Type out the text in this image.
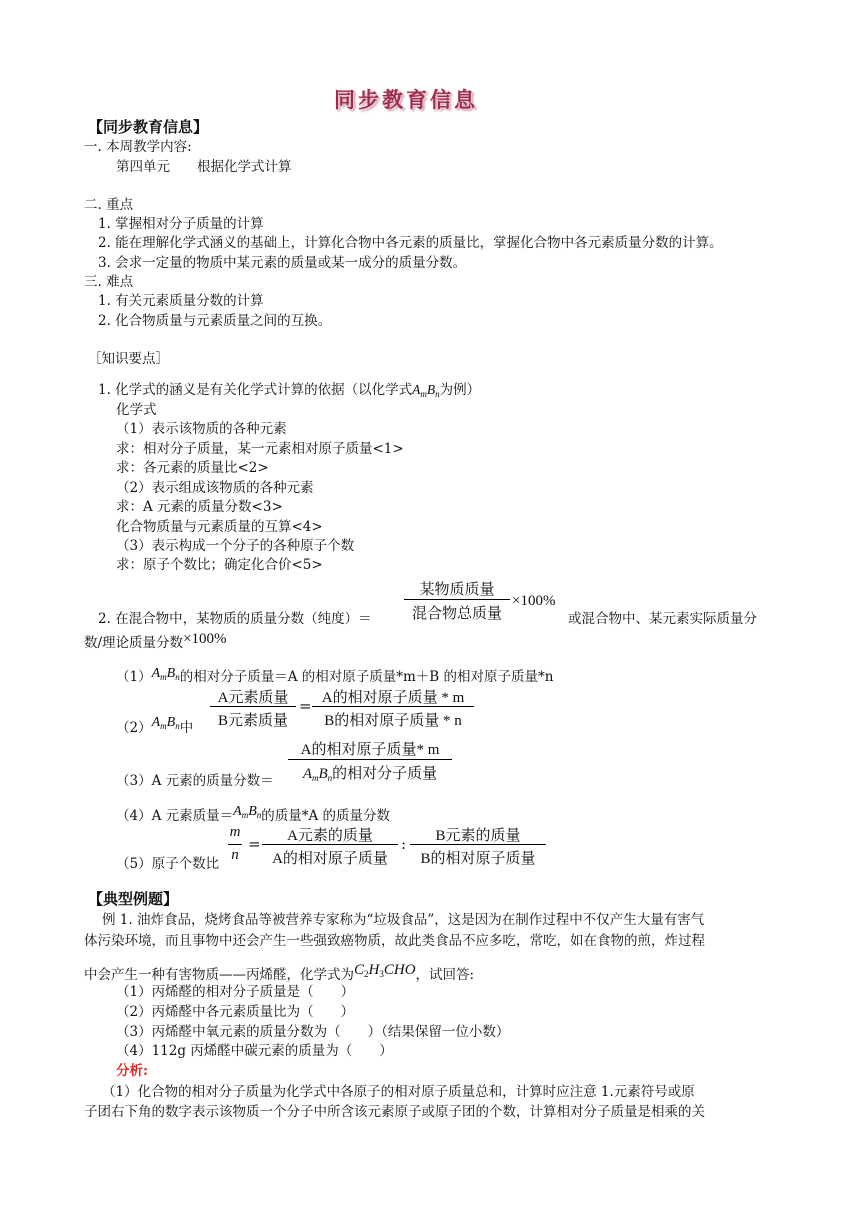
同步教育信息
【同步教育信息】
一. 本周教学内容:
第四单元　　根据化学式计算
二. 重点
1. 掌握相对分子质量的计算
2. 能在理解化学式涵义的基础上，计算化合物中各元素的质量比，掌握化合物中各元素质量分数的计算。
3. 会求一定量的物质中某元素的质量或某一成分的质量分数。
三. 难点
1. 有关元素质量分数的计算
2. 化合物质量与元素质量之间的互换。
［知识要点］
1. 化学式的涵义是有关化学式计算的依据（以化学式$A_mB_n$为例）
化学式
（1）表示该物质的各种元素
求：相对分子质量，某一元素相对原子质量<1>
求：各元素的质量比<2>
（2）表示组成该物质的各种元素
求：A 元素的质量分数<3>
化合物质量与元素质量的互算<4>
（3）表示构成一个分子的各种原子个数
求：原子个数比；确定化合价<5>
2. 在混合物中，某物质的质量分数（纯度）＝
某物质质量
混合物总质量
×100%
或混合物中、某元素实际质量分
数/理论质量分数×100%
$(1)A_mB_n$的相对分子质量＝A 的相对原子质量*m＋B 的相对原子质量*n
$(2)A_mB_n$中
A元素质量
B元素质量
= A的相对原子质量 * m
B的相对原子质量 * n
（3）A 元素的质量分数＝
A的相对原子质量* m
$A_mB_n$的相对分子质量
（4）A 元素质量$=A_mB_n$的质量*A 的质量分数
（5）原子个数比
m
n
=	A元素的质量
A的相对原子质量
:	B元素的质量
B的相对原子质量
【典型例题】
例 1. 油炸食品，烧烤食品等被营养专家称为“垃圾食品”，这是因为在制作过程中不仅产生大量有害气
体污染环境，而且事物中还会产生一些强致癌物质，故此类食品不应多吃，常吃，如在食物的煎，炸过程
中会产生一种有害物质——丙烯醛，化学式为$C_2H_3CHO$，试回答:
（1）丙烯醛的相对分子质量是（　　）
（2）丙烯醛中各元素质量比为（　　）
（3）丙烯醛中氧元素的质量分数为（　　）（结果保留一位小数）
（4）112g 丙烯醛中碳元素的质量为（　　）
分析:
（1）化合物的相对分子质量为化学式中各原子的相对原子质量总和，计算时应注意 1.元素符号或原
子团右下角的数字表示该物质一个分子中所含该元素原子或原子团的个数，计算相对分子质量是相乘的关
